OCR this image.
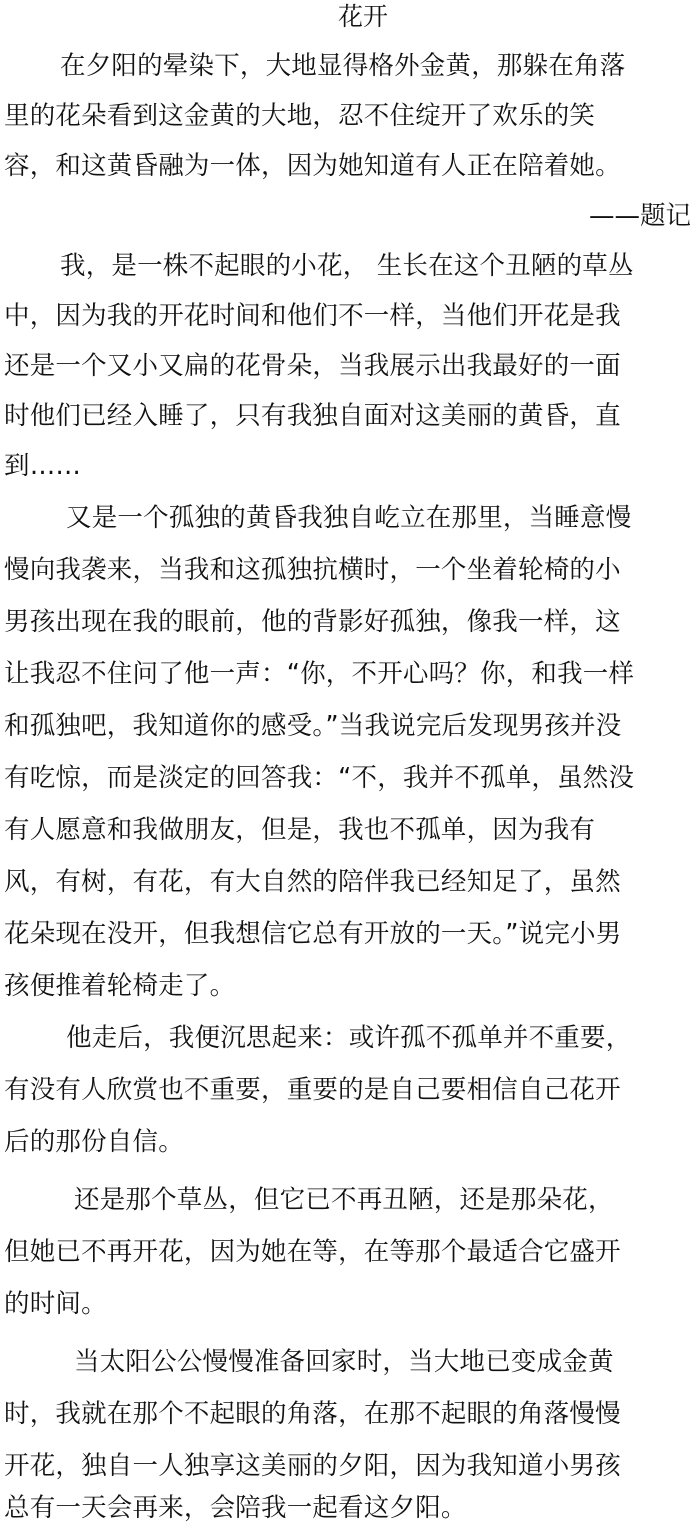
花开
在夕阳的晕染下，大地显得格外金黄，那躲在角落
里的花朵看到这金黄的大地，忍不住绽开了欢乐的笑
容，和这黄昏融为一体，因为她知道有人正在陪着她。
——题记
我，是一株不起眼的小花， 生长在这个丑陋的草丛
中，因为我的开花时间和他们不一样，当他们开花是我
还是一个又小又扁的花骨朵，当我展示出我最好的一面
时他们已经入睡了，只有我独自面对这美丽的黄昏，直
到……
又是一个孤独的黄昏我独自屹立在那里，当睡意慢
慢向我袭来，当我和这孤独抗横时，一个坐着轮椅的小
男孩出现在我的眼前，他的背影好孤独，像我一样，这
让我忍不住问了他一声：“你，不开心吗？你，和我一样
和孤独吧，我知道你的感受。”当我说完后发现男孩并没
有吃惊，而是淡定的回答我：“不，我并不孤单，虽然没
有人愿意和我做朋友，但是，我也不孤单，因为我有
风，有树，有花，有大自然的陪伴我已经知足了，虽然
花朵现在没开，但我想信它总有开放的一天。”说完小男
孩便推着轮椅走了。
他走后，我便沉思起来：或许孤不孤单并不重要，
有没有人欣赏也不重要，重要的是自己要相信自己花开
后的那份自信。
还是那个草丛，但它已不再丑陋，还是那朵花，
但她已不再开花，因为她在等，在等那个最适合它盛开
的时间。
当太阳公公慢慢准备回家时，当大地已变成金黄
时，我就在那个不起眼的角落，在那不起眼的角落慢慢
开花，独自一人独享这美丽的夕阳，因为我知道小男孩
总有一天会再来，会陪我一起看这夕阳。
